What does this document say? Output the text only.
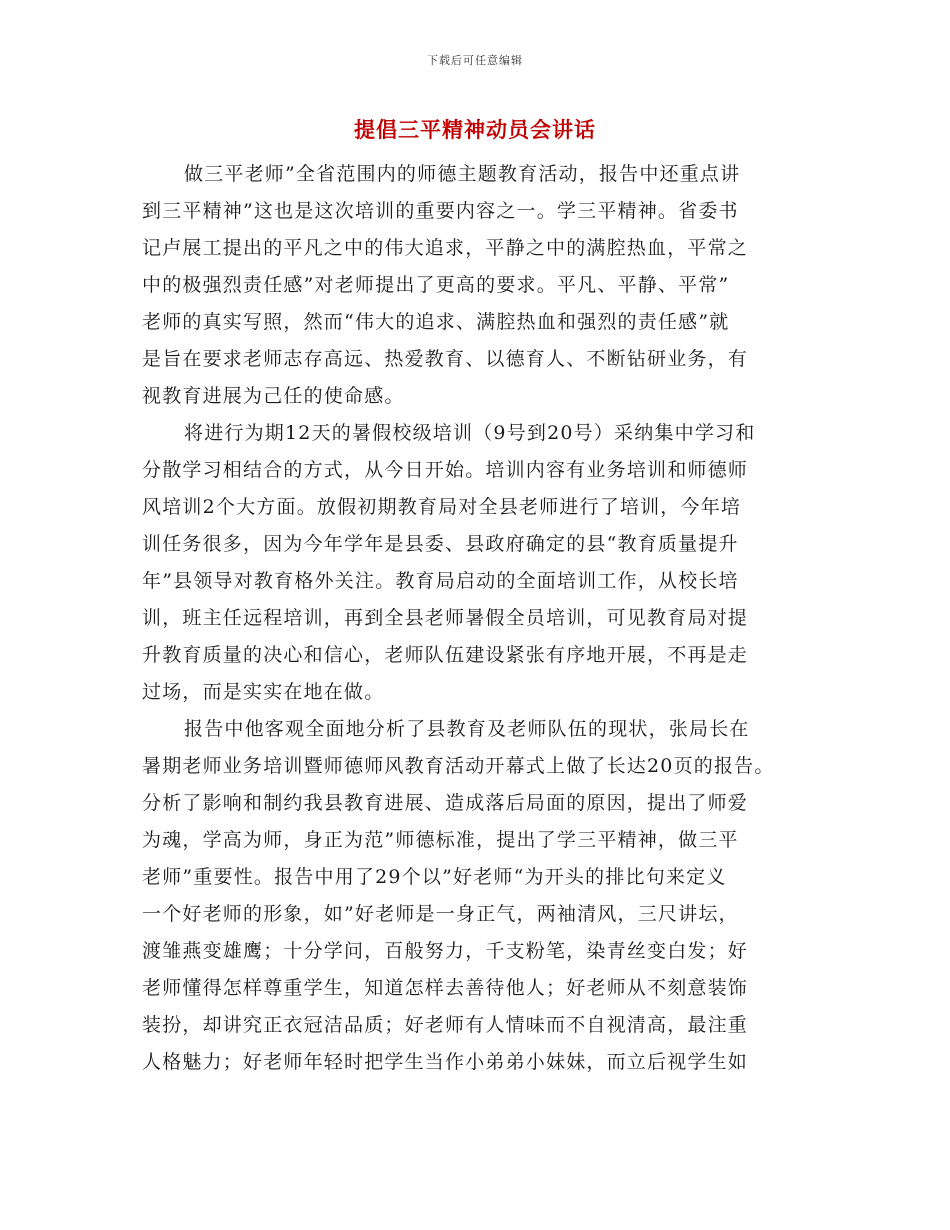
下载后可任意编辑
提倡三平精神动员会讲话
做三平老师”全省范围内的师德主题教育活动，报告中还重点讲
到三平精神”这也是这次培训的重要内容之一。学三平精神。省委书
记卢展工提出的平凡之中的伟大追求，平静之中的满腔热血，平常之
中的极强烈责任感”对老师提出了更高的要求。平凡、平静、平常”
老师的真实写照，然而“伟大的追求、满腔热血和强烈的责任感”就
是旨在要求老师志存高远、热爱教育、以德育人、不断钻研业务，有
视教育进展为己任的使命感。
将进行为期12天的暑假校级培训（9号到20号）采纳集中学习和
分散学习相结合的方式，从今日开始。培训内容有业务培训和师德师
风培训2个大方面。放假初期教育局对全县老师进行了培训，今年培
训任务很多，因为今年学年是县委、县政府确定的县“教育质量提升
年”县领导对教育格外关注。教育局启动的全面培训工作，从校长培
训，班主任远程培训，再到全县老师暑假全员培训，可见教育局对提
升教育质量的决心和信心，老师队伍建设紧张有序地开展，不再是走
过场，而是实实在地在做。
报告中他客观全面地分析了县教育及老师队伍的现状，张局长在
暑期老师业务培训暨师德师风教育活动开幕式上做了长达20页的报告。
分析了影响和制约我县教育进展、造成落后局面的原因，提出了师爱
为魂，学高为师，身正为范”师德标准，提出了学三平精神，做三平
老师”重要性。报告中用了29个以”好老师“为开头的排比句来定义
一个好老师的形象，如”好老师是一身正气，两袖清风，三尺讲坛，
渡雏燕变雄鹰；十分学问，百般努力，千支粉笔，染青丝变白发；好
老师懂得怎样尊重学生，知道怎样去善待他人；好老师从不刻意装饰
装扮，却讲究正衣冠洁品质；好老师有人情味而不自视清高，最注重
人格魅力；好老师年轻时把学生当作小弟弟小妹妹，而立后视学生如
